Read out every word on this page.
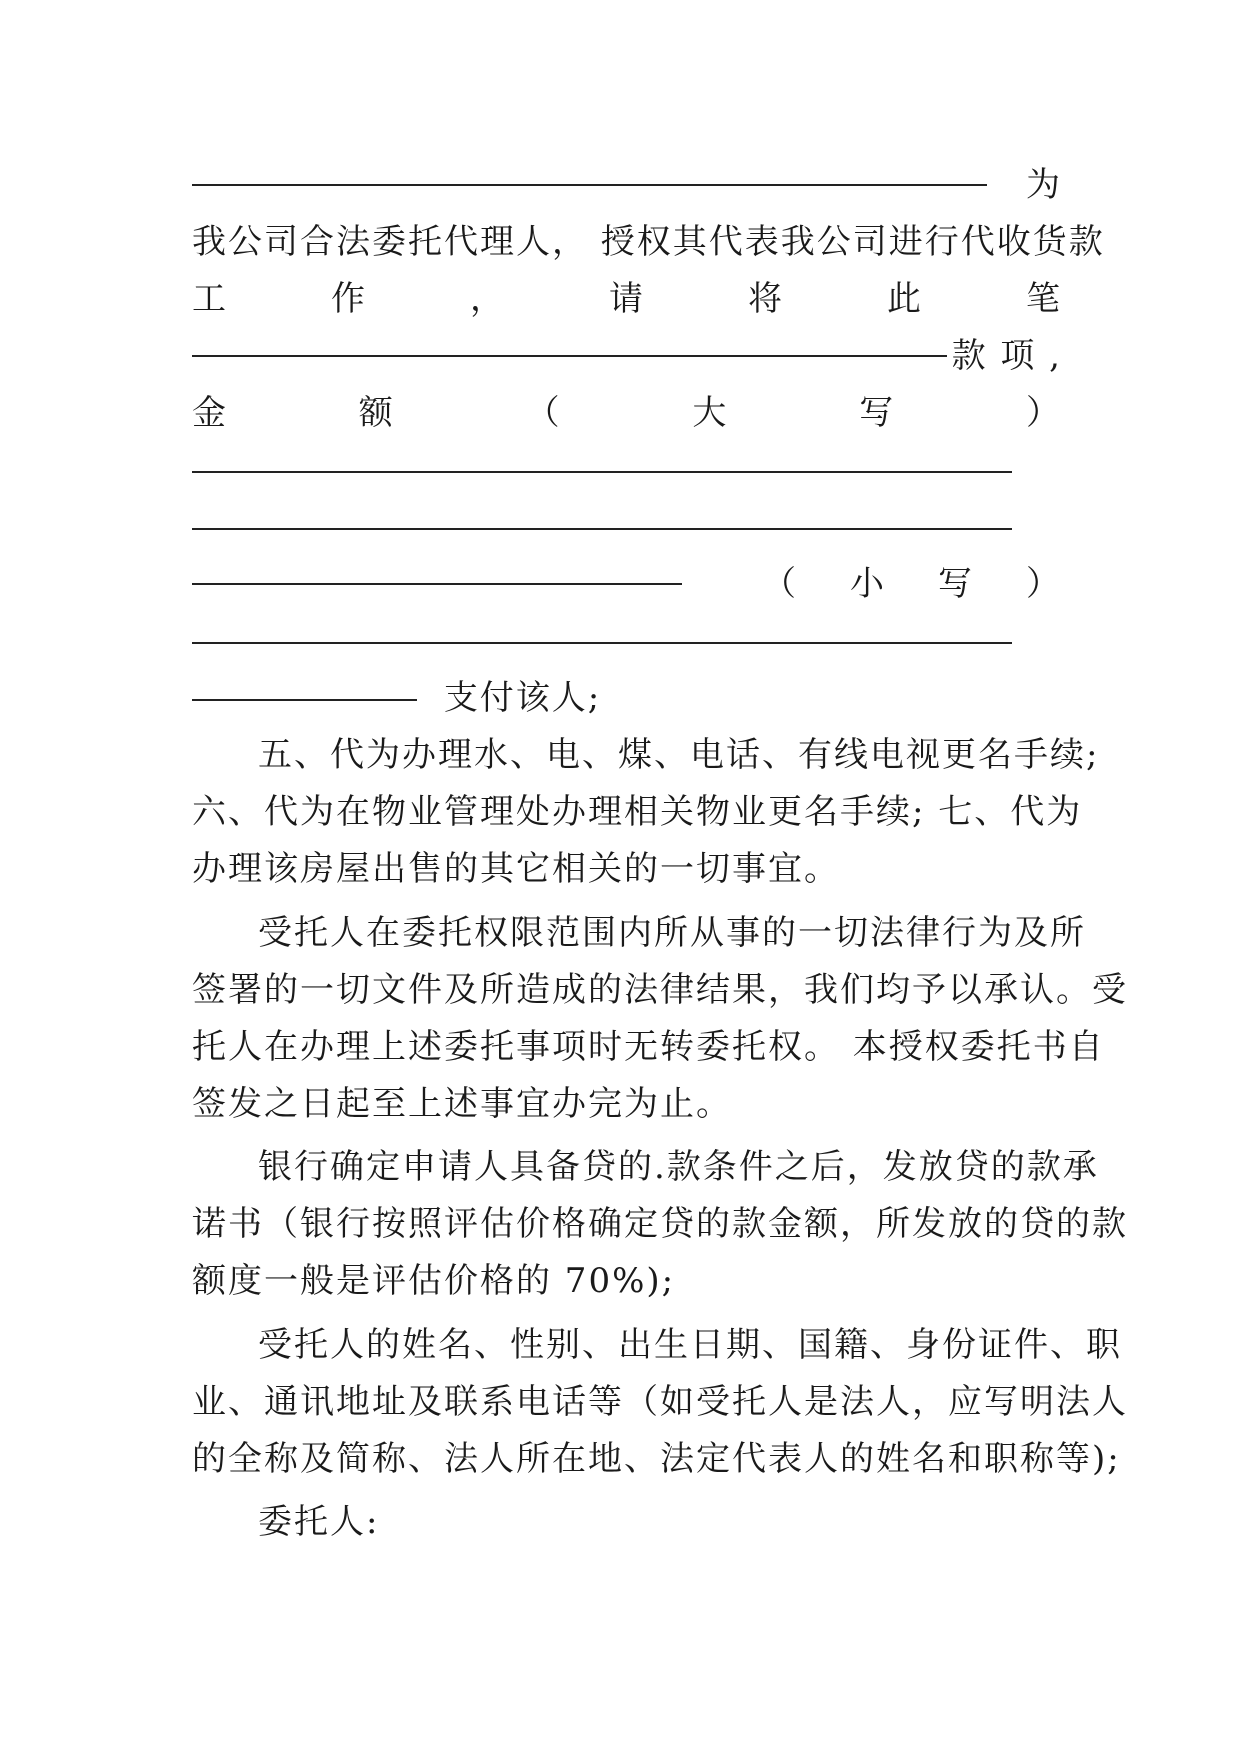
为
我公司合法委托代理人， 授权其代表我公司进行代收货款
工	作	，	请	将	此	笔
款 项 ,
金	额	（	大	写	）
（ 小 写 ）
支付该人;
五、代为办理水、电、煤、电话、有线电视更名手续;
六、代为在物业管理处办理相关物业更名手续; 七、代为
办理该房屋出售的其它相关的一切事宜。
受托人在委托权限范围内所从事的一切法律行为及所
签署的一切文件及所造成的法律结果，我们均予以承认。受
托人在办理上述委托事项时无转委托权。 本授权委托书自
签发之日起至上述事宜办完为止。
银行确定申请人具备贷的.款条件之后，发放贷的款承
诺书（银行按照评估价格确定贷的款金额，所发放的贷的款
额度一般是评估价格的 70%);
受托人的姓名、性别、出生日期、国籍、身份证件、职
业、通讯地址及联系电话等（如受托人是法人，应写明法人
的全称及简称、法人所在地、法定代表人的姓名和职称等);
委托人:
